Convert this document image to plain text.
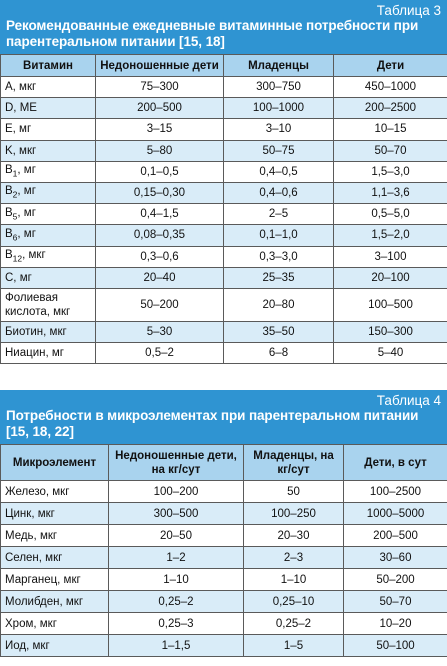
Таблица 3
Рекомендованные ежедневные витаминные потребности при парентеральном питании [15, 18]
Витамин	Недоношенные дети	Младенцы	Дети
A, мкг	75–300	300–750	450–1000
D, МЕ	200–500	100–1000	200–2500
E, мг	3–15	3–10	10–15
K, мкг	5–80	50–75	50–70
$B_1$, мг	0,1–0,5	0,4–0,5	1,5–3,0
$B_2$, мг	0,15–0,30	0,4–0,6	1,1–3,6
$B_5$, мг	0,4–1,5	2–5	0,5–5,0
$B_6$, мг	0,08–0,35	0,1–1,0	1,5–2,0
$B_{12}$, мкг	0,3–0,6	0,3–3,0	3–100
C, мг	20–40	25–35	20–100
Фолиевая кислота, мкг	50–200	20–80	100–500
Биотин, мкг	5–30	35–50	150–300
Ниацин, мг	0,5–2	6–8	5–40
Таблица 4
Потребности в микроэлементах при парентеральном питании [15, 18, 22]
Микроэлемент	Недоношенные дети, на кг/сут	Младенцы, на кг/сут	Дети, в сут
Железо, мкг	100–200	50	100–2500
Цинк, мкг	300–500	100–250	1000–5000
Медь, мкг	20–50	20–30	200–500
Селен, мкг	1–2	2–3	30–60
Марганец, мкг	1–10	1–10	50–200
Молибден, мкг	0,25–2	0,25–10	50–70
Хром, мкг	0,25–3	0,25–2	10–20
Иод, мкг	1–1,5	1–5	50–100
